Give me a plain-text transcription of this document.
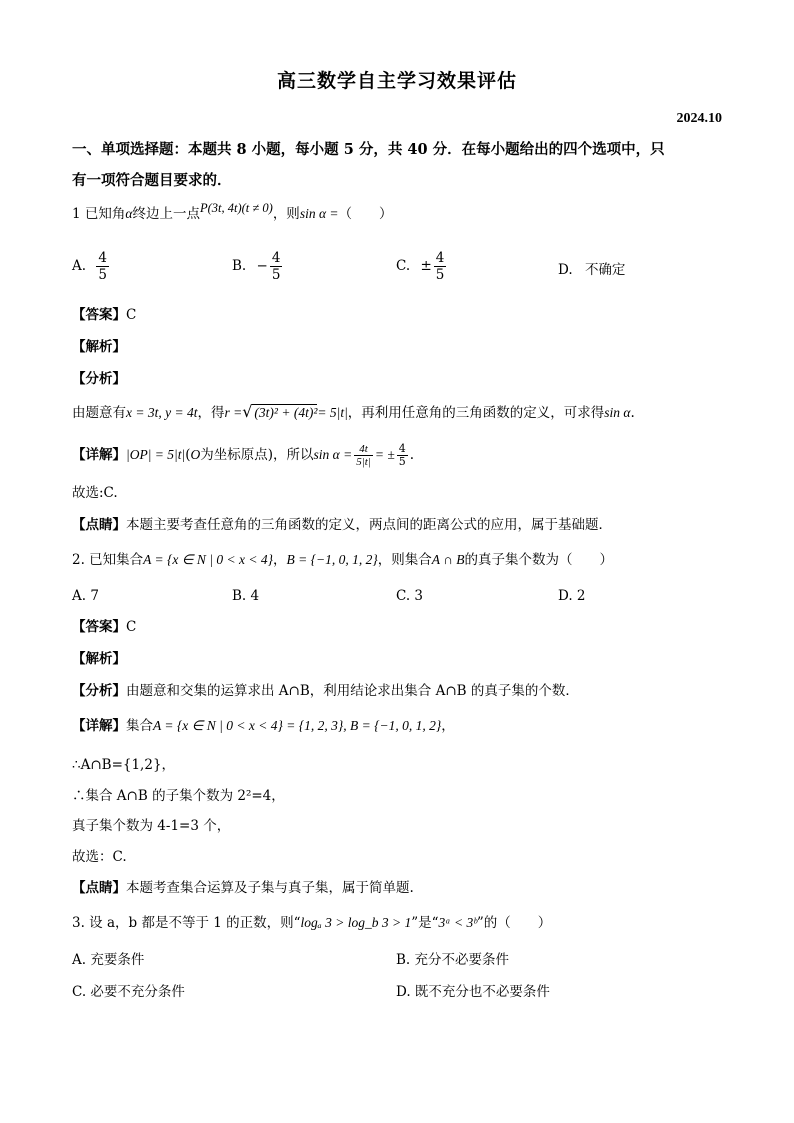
高三数学自主学习效果评估
2024.10
一、单项选择题：本题共 8 小题，每小题 5 分，共 40 分．在每小题给出的四个选项中，只
有一项符合题目要求的．
1 已知角α终边上一点P(3t, 4t)(t ≠ 0)，则sin α =（　　）
A. $\frac{4}{5}$	B. − $\frac{4}{5}$	C. ± $\frac{4}{5}$	D. 不确定
【答案】C
【解析】
【分析】
由题意有x = 3t, y = 4t，得r =√ (3t)² + (4t)²= 5|t|，再利用任意角的三角函数的定义，可求得sin α.
【详解】|OP| = 5|t|(O为坐标原点)，所以$\sin \alpha = \frac{4t}{5|t|}$ = ± $\frac{4}{5}$ .
故选:C.
【点睛】本题主要考查任意角的三角函数的定义，两点间的距离公式的应用，属于基础题．
2. 已知集合A = {x ∈ N | 0 < x < 4}，B = {−1, 0, 1, 2}，则集合A ∩ B的真子集个数为（　　）
A. 7	B. 4	C. 3	D. 2
【答案】C
【解析】
【分析】由题意和交集的运算求出 A∩B，利用结论求出集合 A∩B 的真子集的个数．
【详解】集合A = {x ∈ N | 0 < x < 4} = {1, 2, 3}, B = {−1, 0, 1, 2}，
∴A∩B={1,2}，
∴集合 A∩B 的子集个数为 2²=4，
真子集个数为 4-1=3 个，
故选：C.
【点睛】本题考查集合运算及子集与真子集，属于简单题.
3. 设 a，b 都是不等于 1 的正数，则“logₐ 3 > log_b 3 > 1”是“3ᵃ < 3ᵇ”的（　　）
A. 充要条件	B. 充分不必要条件
C. 必要不充分条件	D. 既不充分也不必要条件
